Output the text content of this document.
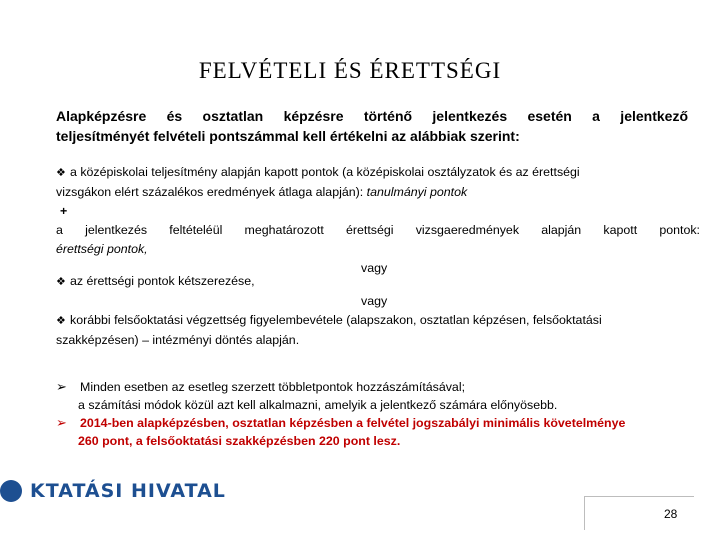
FELVÉTELI ÉS ÉRETTSÉGI
Alapképzésre és osztatlan képzésre történő jelentkezés esetén a jelentkező
teljesítményét felvételi pontszámmal kell értékelni az alábbiak szerint:
❖ a középiskolai teljesítmény alapján kapott pontok (a középiskolai osztályzatok és az érettségi
vizsgákon elért százalékos eredmények átlaga alapján): tanulmányi pontok
+
a jelentkezés feltételéül meghatározott érettségi vizsgaeredmények alapján kapott pontok:
érettségi pontok,
vagy
❖ az érettségi pontok kétszerezése,
vagy
❖ korábbi felsőoktatási végzettség figyelembevétele (alapszakon, osztatlan képzésen, felsőoktatási
szakképzésen) – intézményi döntés alapján.
➢ Minden esetben az esetleg szerzett többletpontok hozzászámításával;
a számítási módok közül azt kell alkalmazni, amelyik a jelentkező számára előnyösebb.
➢ 2014-ben alapképzésben, osztatlan képzésben a felvétel jogszabályi minimális követelménye
260 pont, a felsőoktatási szakképzésben 220 pont lesz.
KTATÁSI HIVATAL
28
